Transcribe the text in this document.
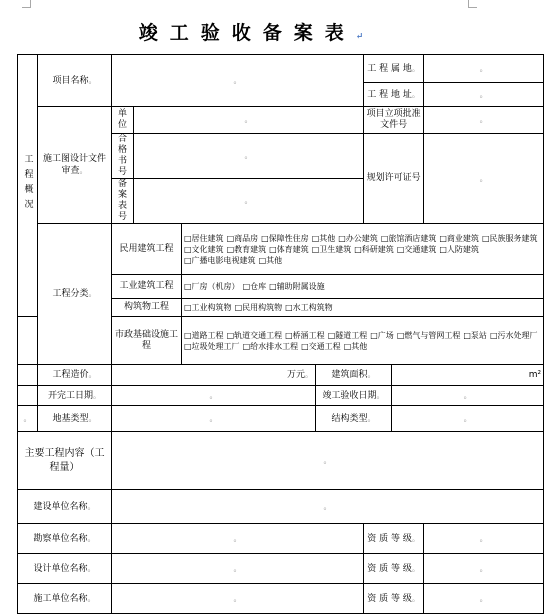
竣工验收备案表↵
工程概况	项目名称。	。				工 程 属 地。		。
						工 程 地 址。		。
	施工图设计文件审查。	单位	。			项目立项批准文件号		。
		合格书号	。			规划许可证号		。
		备案表号	。					
	工程分类。	民用建筑工程		□居住建筑 □商品房 □保障性住房 □其他 □办公建筑 □旅馆酒店建筑 □商业建筑 □民族服务建筑□文化建筑 □教育建筑 □体育建筑 □卫生建筑 □科研建筑 □交通建筑 □人防建筑□广播电影电视建筑 □其他				
		工业建筑工程		□厂房（机房） □仓库 □辅助附属设施				
		构筑物工程		□工业构筑物 □民用构筑物 □水工构筑物				
		市政基础设施工程		□道路工程 □轨道交通工程 □桥涵工程 □隧道工程 □广场 □燃气与管网工程 □泵站 □污水处理厂□垃圾处理工厂 □给水排水工程 □交通工程 □其他				
	工程造价。	万元。			建筑面积。		m²	
	开完工日期。	。			竣工验收日期。		。	
。	地基类型。	。			结构类型。		。	
主要工程内容（工程量）		。						
建设单位名称。		。						
勘察单位名称。		。				资 质 等 级。		。
设计单位名称。		。				资 质 等 级。		。
施工单位名称。		。				资 质 等 级。		。
